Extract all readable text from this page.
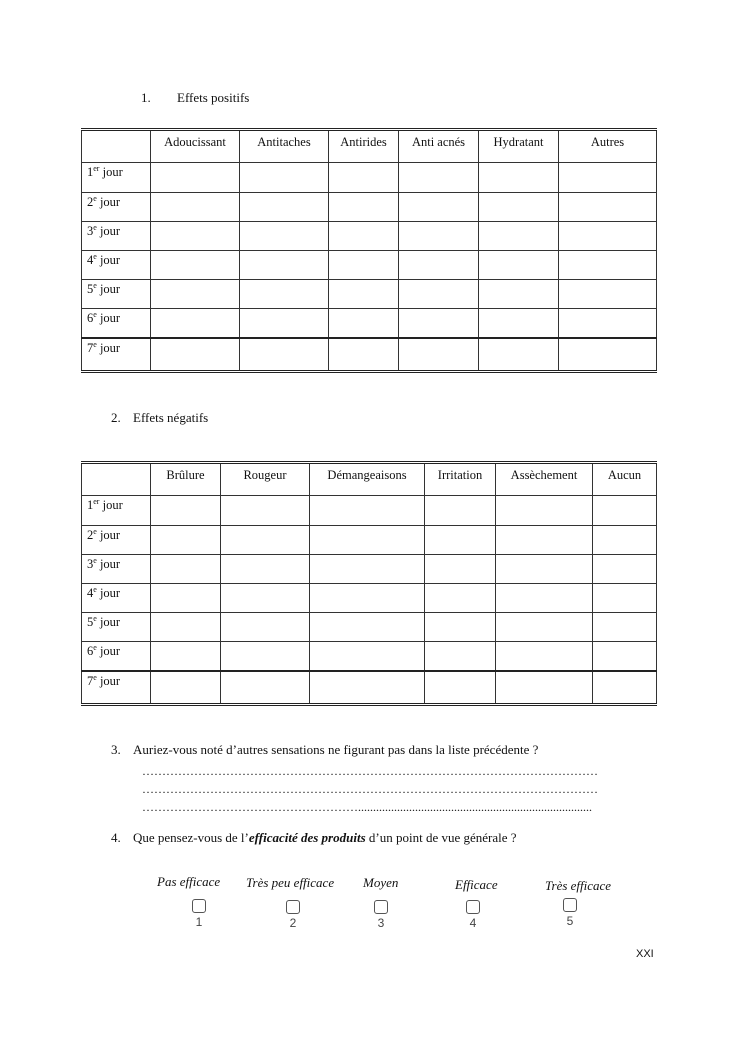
1. Effets positifs
	Adoucissant	Antitaches	Antirides	Anti acnés	Hydratant	Autres
1er jour						
2e jour						
3e jour						
4e jour						
5e jour						
6e jour						
7e jour						
2. Effets négatifs
	Brûlure	Rougeur	Démangeaisons	Irritation	Assèchement	Aucun
1er jour						
2e jour						
3e jour						
4e jour						
5e jour						
6e jour						
7e jour						
3. Auriez-vous noté d’autres sensations ne figurant pas dans la liste précédente ?
……………………………………………………………………………………………………
……………………………………………………………………………………………………
………………………………………………..............................................................................
4. Que pensez-vous de l’efficacité des produits d’un point de vue générale ?
Pas efficace Très peu efficace Moyen	Efficace	Très efficace
1	2	3	4	5
XXI
